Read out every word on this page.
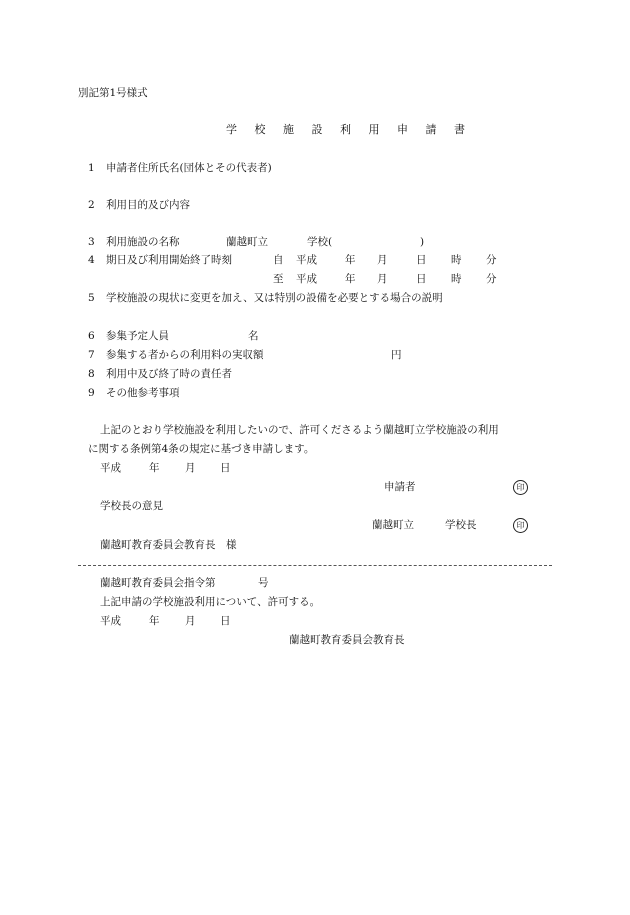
別記第1号様式
学 校 施 設 利 用 申 請 書
1 申請者住所氏名(団体とその代表者)
2 利用目的及び内容
3 利用施設の名称	蘭越町立	学校(	)
4 期日及び利用開始終了時刻	自 平成	年 月	日 時 分
至 平成	年 月	日 時 分
5 学校施設の現状に変更を加え、又は特別の設備を必要とする場合の説明
6 参集予定人員	名
7 参集する者からの利用料の実収額	円
8 利用中及び終了時の責任者
9 その他参考事項
上記のとおり学校施設を利用したいので、許可くださるよう蘭越町立学校施設の利用
に関する条例第4条の規定に基づき申請します。
平成	年 月 日
申請者	印
学校長の意見
蘭越町立	学校長	印
蘭越町教育委員会教育長　様
蘭越町教育委員会指令第	号
上記申請の学校施設利用について、許可する。
平成	年 月 日
蘭越町教育委員会教育長
